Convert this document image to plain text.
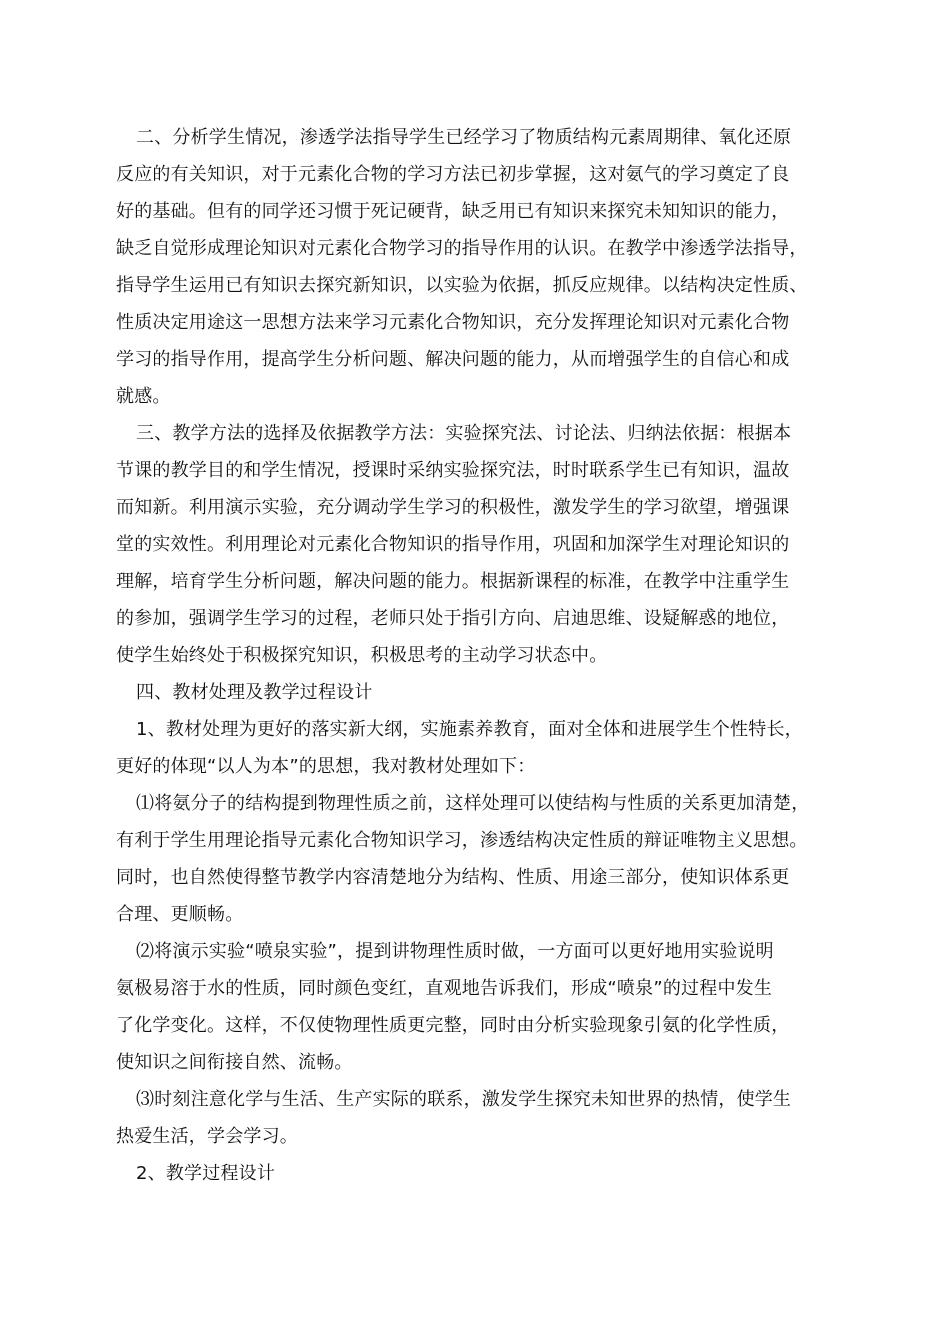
二、分析学生情况，渗透学法指导学生已经学习了物质结构元素周期律、氧化还原
反应的有关知识，对于元素化合物的学习方法已初步掌握，这对氨气的学习奠定了良
好的基础。但有的同学还习惯于死记硬背，缺乏用已有知识来探究未知知识的能力，
缺乏自觉形成理论知识对元素化合物学习的指导作用的认识。在教学中渗透学法指导，
指导学生运用已有知识去探究新知识，以实验为依据，抓反应规律。以结构决定性质、
性质决定用途这一思想方法来学习元素化合物知识，充分发挥理论知识对元素化合物
学习的指导作用，提高学生分析问题、解决问题的能力，从而增强学生的自信心和成
就感。
三、教学方法的选择及依据教学方法：实验探究法、讨论法、归纳法依据：根据本
节课的教学目的和学生情况，授课时采纳实验探究法，时时联系学生已有知识，温故
而知新。利用演示实验，充分调动学生学习的积极性，激发学生的学习欲望，增强课
堂的实效性。利用理论对元素化合物知识的指导作用，巩固和加深学生对理论知识的
理解，培育学生分析问题，解决问题的能力。根据新课程的标准，在教学中注重学生
的参加，强调学生学习的过程，老师只处于指引方向、启迪思维、设疑解惑的地位，
使学生始终处于积极探究知识，积极思考的主动学习状态中。
四、教材处理及教学过程设计
1、教材处理为更好的落实新大纲，实施素养教育，面对全体和进展学生个性特长，
更好的体现“以人为本”的思想，我对教材处理如下：
⑴将氨分子的结构提到物理性质之前，这样处理可以使结构与性质的关系更加清楚，
有利于学生用理论指导元素化合物知识学习，渗透结构决定性质的辩证唯物主义思想。
同时，也自然使得整节教学内容清楚地分为结构、性质、用途三部分，使知识体系更
合理、更顺畅。
⑵将演示实验“喷泉实验”，提到讲物理性质时做，一方面可以更好地用实验说明
氨极易溶于水的性质，同时颜色变红，直观地告诉我们，形成“喷泉”的过程中发生
了化学变化。这样，不仅使物理性质更完整，同时由分析实验现象引氨的化学性质，
使知识之间衔接自然、流畅。
⑶时刻注意化学与生活、生产实际的联系，激发学生探究未知世界的热情，使学生
热爱生活，学会学习。
2、教学过程设计
